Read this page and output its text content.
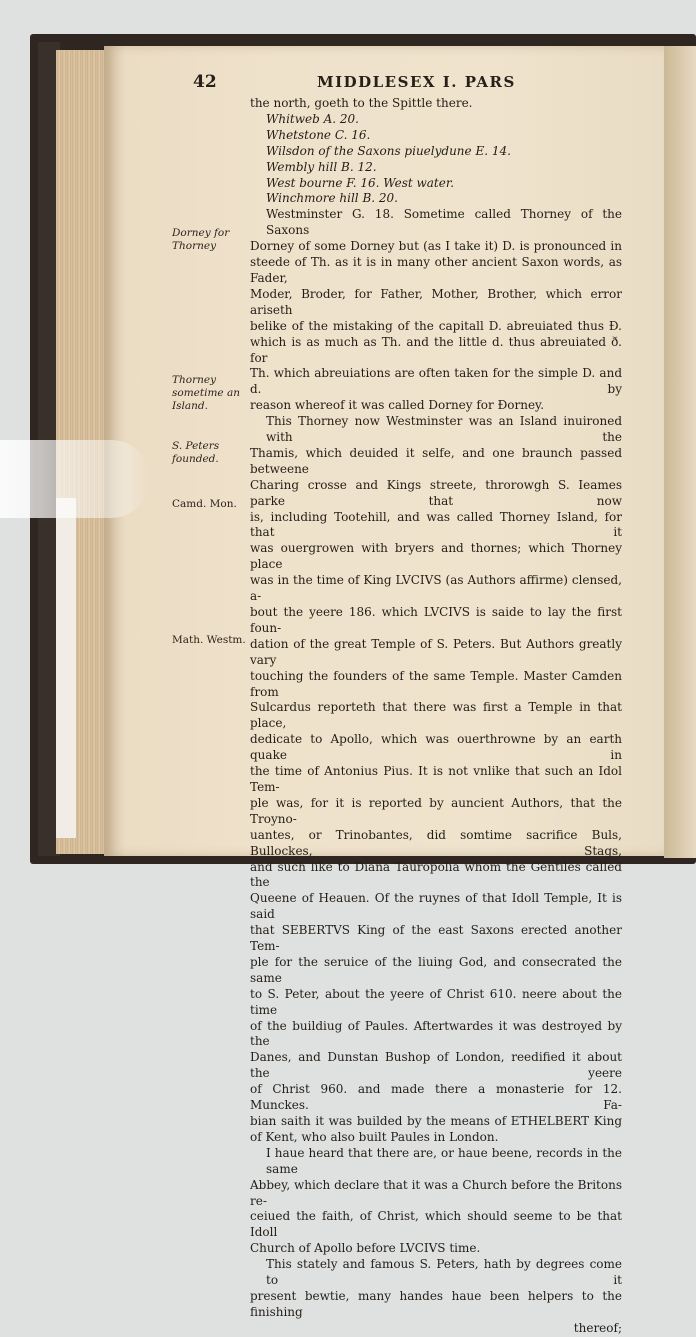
42	MIDDLESEX I. PARS
Dorney for Thorney
Thorney sometime an Island.
S. Peters founded.
Camd. Mon.
Math. Westm.
the north, goeth to the Spittle there.
Whitweb A. 20.
Whetstone C. 16.
Wilsdon of the Saxons piuelydune E. 14.
Wembly hill B. 12.
West bourne F. 16. West water.
Winchmore hill B. 20.
Westminster G. 18. Sometime called Thorney of the Saxons
Dorney of some Dorney but (as I take it) D. is pronounced in
steede of Th. as it is in many other ancient Saxon words, as Fader,
Moder, Broder, for Father, Mother, Brother, which error ariseth
belike of the mistaking of the capitall D. abreuiated thus Đ.
which is as much as Th. and the little d. thus abreuiated ð. for
Th. which abreuiations are often taken for the simple D. and d. by
reason whereof it was called Dorney for Đorney.
This Thorney now Westminster was an Island inuironed with the
Thamis, which deuided it selfe, and one braunch passed betweene
Charing crosse and Kings streete, throrowgh S. Ieames parke that now
is, including Tootehill, and was called Thorney Island, for that it
was ouergrowen with bryers and thornes; which Thorney place
was in the time of King LVCIVS (as Authors affirme) clensed, a-
bout the yeere 186. which LVCIVS is saide to lay the first foun-
dation of the great Temple of S. Peters. But Authors greatly vary
touching the founders of the same Temple. Master Camden from
Sulcardus reporteth that there was first a Temple in that place,
dedicate to Apollo, which was ouerthrowne by an earth quake in
the time of Antonius Pius. It is not vnlike that such an Idol Tem-
ple was, for it is reported by auncient Authors, that the Troyno-
uantes, or Trinobantes, did somtime sacrifice Buls, Bullockes, Stags,
and such like to Diana Tauropolia whom the Gentiles called the
Queene of Heauen. Of the ruynes of that Idoll Temple, It is said
that SEBERTVS King of the east Saxons erected another Tem-
ple for the seruice of the liuing God, and consecrated the same
to S. Peter, about the yeere of Christ 610. neere about the time
of the buildiug of Paules. Aftertwardes it was destroyed by the
Danes, and Dunstan Bushop of London, reedified it about the yeere
of Christ 960. and made there a monasterie for 12. Munckes. Fa-
bian saith it was builded by the means of ETHELBERT King
of Kent, who also built Paules in London.
I haue heard that there are, or haue beene, records in the same
Abbey, which declare that it was a Church before the Britons re-
ceiued the faith, of Christ, which should seeme to be that Idoll
Church of Apollo before LVCIVS time.
This stately and famous S. Peters, hath by degrees come to it
present bewtie, many handes haue been helpers to the finishing
thereof;
